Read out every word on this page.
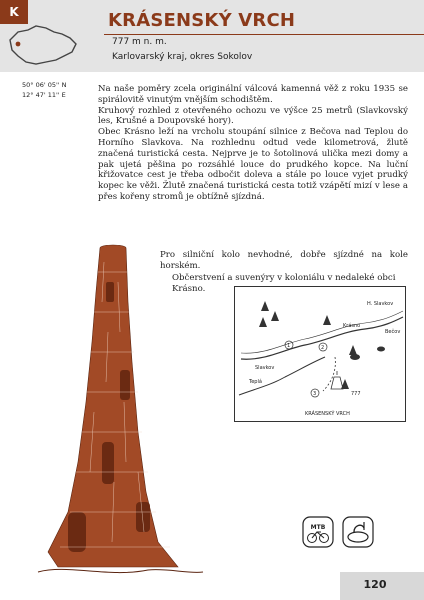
K	KRÁSENSKÝ VRCH
777 m n. m.
Karlovarský kraj, okres Sokolov
50° 06' 05'' N
12° 47' 11'' E

Na naše poměry zcela originální válcová kamenná věž z roku 1935 se spirálovitě vinutým vnějším schodištěm.

Kruhový rozhled z otevřeného ochozu ve výšce 25 metrů (Slavkovský les, Krušné a Doupovské hory).

Obec Krásno leží na vrcholu stoupání silnice z Bečova nad Teplou do Horního Slavkova. Na rozhlednu odtud vede kilometrová, žlutě značená turistická cesta. Nejprve je to šotolinová ulička mezi domy a pak ujetá pěšina po rozsáhlé louce do prudkého kopce. Na luční křižovatce cest je třeba odbočit doleva a stále po louce vyjet prudký kopec ke věži. Žlutě značená turistická cesta totiž vzápětí mizí v lese a přes kořeny stromů je obtížně sjízdná.

Pro silniční kolo nevhodné, dobře sjízdné na kole horském.

Občerstvení a suvenýry v koloniálu v nedaleké obci Krásno.

Krásno
Bečov
H. Slavkov
Teplá
Slavkov
KRÁSENSKÝ VRCH
777
1	2
3
MTB
120
